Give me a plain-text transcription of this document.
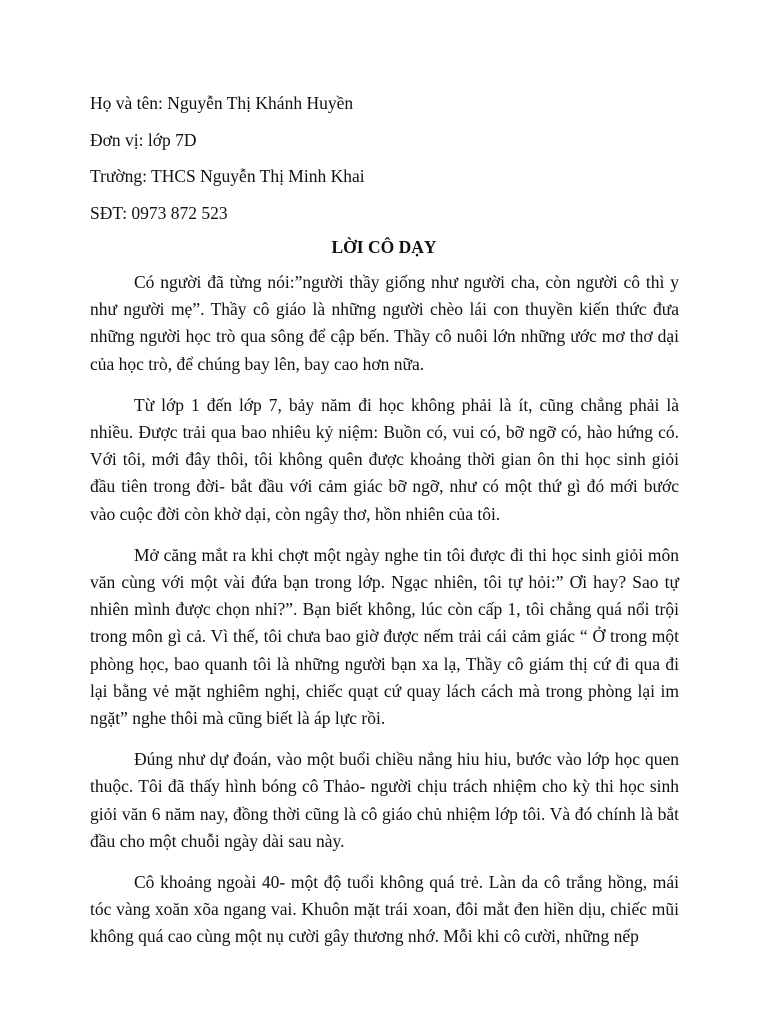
Họ và tên: Nguyễn Thị Khánh Huyền

Đơn vị: lớp 7D

Trường: THCS Nguyễn Thị Minh Khai

SĐT: 0973 872 523

LỜI CÔ DẠY

Có người đã từng nói:”người thầy giống như người cha, còn người cô thì y như người mẹ”. Thầy cô giáo là những người chèo lái con thuyền kiến thức đưa những người học trò qua sông để cập bến. Thầy cô nuôi lớn những ước mơ thơ dại của học trò, để chúng bay lên, bay cao hơn nữa.

Từ lớp 1 đến lớp 7, bảy năm đi học không phải là ít, cũng chẳng phải là nhiều. Được trải qua bao nhiêu kỷ niệm: Buồn có, vui có, bỡ ngỡ có, hào hứng có. Với tôi, mới đây thôi, tôi không quên được khoảng thời gian ôn thi học sinh giỏi đầu tiên trong đời- bắt đầu với cảm giác bỡ ngỡ, như có một thứ gì đó mới bước vào cuộc đời còn khờ dại, còn ngây thơ, hồn nhiên của tôi.

Mở căng mắt ra khi chợt một ngày nghe tin tôi được đi thi học sinh giỏi môn văn cùng với một vài đứa bạn trong lớp. Ngạc nhiên, tôi tự hỏi:” Ơi hay? Sao tự nhiên mình được chọn nhỉ?”. Bạn biết không, lúc còn cấp 1, tôi chẳng quá nổi trội trong môn gì cả. Vì thế, tôi chưa bao giờ được nếm trải cái cảm giác “ Ở trong một phòng học, bao quanh tôi là những người bạn xa lạ, Thầy cô giám thị cứ đi qua đi lại bằng vẻ mặt nghiêm nghị, chiếc quạt cứ quay lách cách mà trong phòng lại im ngặt” nghe thôi mà cũng biết là áp lực rồi.

Đúng như dự đoán, vào một buổi chiều nắng hiu hiu, bước vào lớp học quen thuộc. Tôi đã thấy hình bóng cô Thảo- người chịu trách nhiệm cho kỳ thi học sinh giỏi văn 6 năm nay, đồng thời cũng là cô giáo chủ nhiệm lớp tôi. Và đó chính là bắt đầu cho một chuỗi ngày dài sau này.

Cô khoảng ngoài 40- một độ tuổi không quá trẻ. Làn da cô trắng hồng, mái tóc vàng xoăn xõa ngang vai. Khuôn mặt trái xoan, đôi mắt đen hiền dịu, chiếc mũi không quá cao cùng một nụ cười gây thương nhớ. Mỗi khi cô cười, những nếp
